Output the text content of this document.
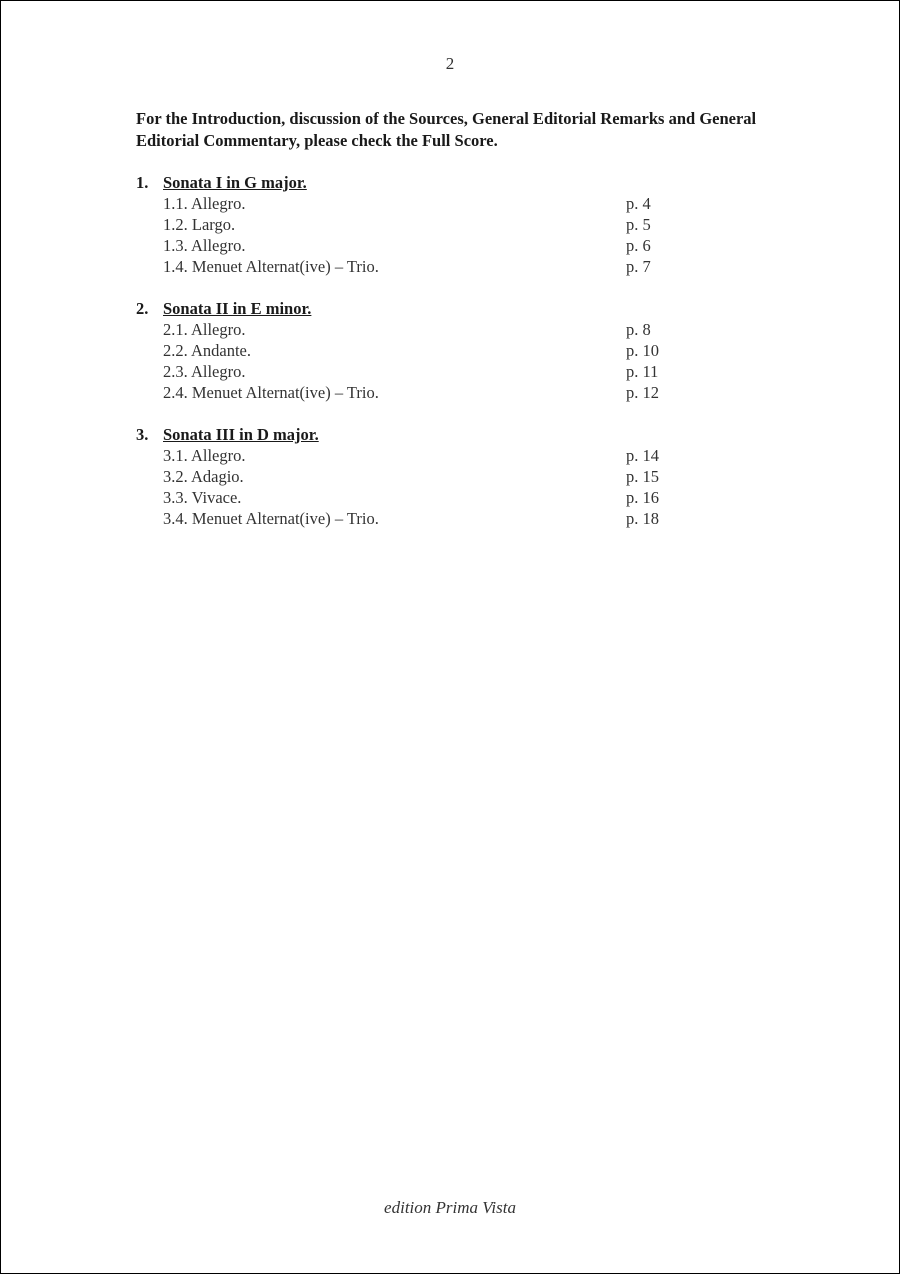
2
For the Introduction, discussion of the Sources, General Editorial Remarks and General Editorial Commentary, please check the Full Score.
1. Sonata I in G major.
1.1. Allegro.	p. 4
1.2. Largo.	p. 5
1.3. Allegro.	p. 6
1.4. Menuet Alternat(ive) – Trio.	p. 7
2. Sonata II in E minor.
2.1. Allegro.	p. 8
2.2. Andante.	p. 10
2.3. Allegro.	p. 11
2.4. Menuet Alternat(ive) – Trio.	p. 12
3. Sonata III in D major.
3.1. Allegro.	p. 14
3.2. Adagio.	p. 15
3.3. Vivace.	p. 16
3.4. Menuet Alternat(ive) – Trio.	p. 18
edition Prima Vista
